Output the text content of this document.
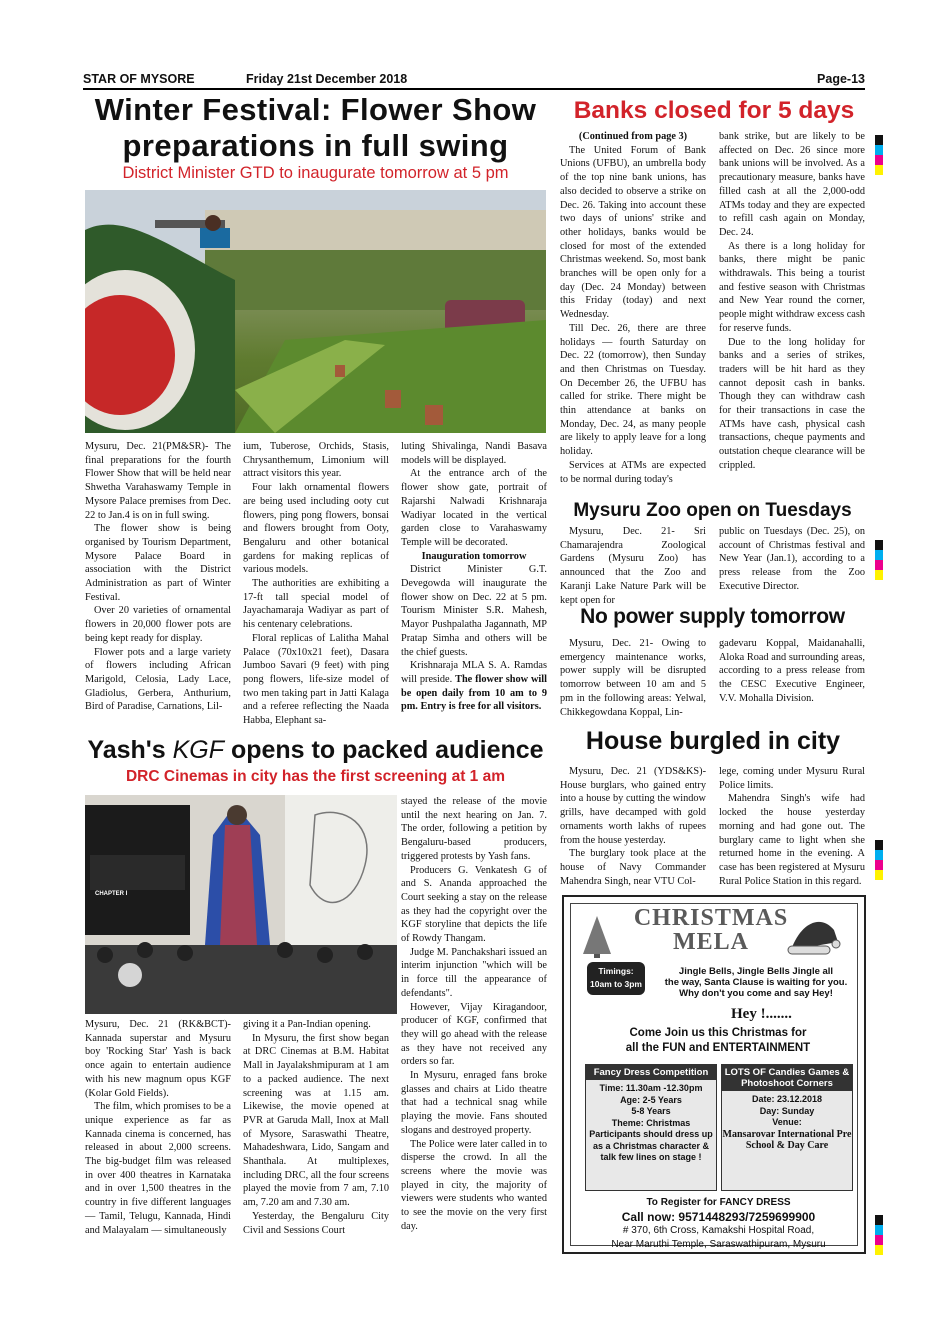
STAR OF MYSORE	Friday 21st December 2018	Page-13
Winter Festival: Flower Show
preparations in full swing
District Minister GTD to inaugurate tomorrow at 5 pm

Mysuru, Dec. 21(PM&SR)- The final preparations for the fourth Flower Show that will be held near Shwetha Varahaswamy Temple in Mysore Palace premises from Dec. 22 to Jan.4 is on in full swing.

The flower show is being organised by Tourism Department, Mysore Palace Board in association with the District Administration as part of Winter Festival.

Over 20 varieties of ornamental flowers in 20,000 flower pots are being kept ready for display.

Flower pots and a large variety of flowers including African Marigold, Celosia, Lady Lace, Gladiolus, Gerbera, Anthurium, Bird of Paradise, Carnations, Lil-

ium, Tuberose, Orchids, Stasis, Chrysanthemum, Limonium will attract visitors this year.

Four lakh ornamental flowers are being used including ooty cut flowers, ping pong flowers, bonsai and flowers brought from Ooty, Bengaluru and other botanical gardens for making replicas of various models.

The authorities are exhibiting a 17-ft tall special model of Jayachamaraja Wadiyar as part of his centenary celebrations.

Floral replicas of Lalitha Mahal Palace (70x10x21 feet), Dasara Jumboo Savari (9 feet) with ping pong flowers, life-size model of two men taking part in Jatti Kalaga and a referee reflecting the Naada Habba, Elephant sa-

luting Shivalinga, Nandi Basava models will be displayed.

At the entrance arch of the flower show gate, portrait of Rajarshi Nalwadi Krishnaraja Wadiyar located in the vertical garden close to Varahaswamy Temple will be decorated.

Inauguration tomorrow

District Minister G.T. Devegowda will inaugurate the flower show on Dec. 22 at 5 pm. Tourism Minister S.R. Mahesh, Mayor Pushpalatha Jagannath, MP Pratap Simha and others will be the chief guests.

Krishnaraja MLA S. A. Ramdas will preside. The flower show will be open daily from 10 am to 9 pm. Entry is free for all visitors.

Banks closed for 5 days

(Continued from page 3)

The United Forum of Bank Unions (UFBU), an umbrella body of the top nine bank unions, has also decided to observe a strike on Dec. 26. Taking into account these two days of unions' strike and other holidays, banks would be closed for most of the extended Christmas weekend. So, most bank branches will be open only for a day (Dec. 24 Monday) between this Friday (today) and next Wednesday.

Till Dec. 26, there are three holidays — fourth Saturday on Dec. 22 (tomorrow), then Sunday and then Christmas on Tuesday. On December 26, the UFBU has called for strike. There might be thin attendance at banks on Monday, Dec. 24, as many people are likely to apply leave for a long holiday.

Services at ATMs are expected to be normal during today's

bank strike, but are likely to be affected on Dec. 26 since more bank unions will be involved. As a precautionary measure, banks have filled cash at all the 2,000-odd ATMs today and they are expected to refill cash again on Monday, Dec. 24.

As there is a long holiday for banks, there might be panic withdrawals. This being a tourist and festive season with Christmas and New Year round the corner, people might withdraw excess cash for reserve funds.

Due to the long holiday for banks and a series of strikes, traders will be hit hard as they cannot deposit cash in banks. Though they can withdraw cash for their transactions in case the ATMs have cash, physical cash transactions, cheque payments and outstation cheque clearance will be crippled.

Mysuru Zoo open on Tuesdays

Mysuru, Dec. 21- Sri Chamarajendra Zoological Gardens (Mysuru Zoo) has announced that the Zoo and Karanji Lake Nature Park will be kept open for

public on Tuesdays (Dec. 25), on account of Christmas festival and New Year (Jan.1), according to a press release from the Zoo Executive Director.

No power supply tomorrow

Mysuru, Dec. 21- Owing to emergency maintenance works, power supply will be disrupted tomorrow between 10 am and 5 pm in the following areas: Yelwal, Chikkegowdana Koppal, Lin-

gadevaru Koppal, Maidanahalli, Aloka Road and surrounding areas, according to a press release from the CESC Executive Engineer, V.V. Mohalla Division.

House burgled in city

Mysuru, Dec. 21 (YDS&KS)- House burglars, who gained entry into a house by cutting the window grills, have decamped with gold ornaments worth lakhs of rupees from the house yesterday.

The burglary took place at the house of Navy Commander Mahendra Singh, near VTU Col-

lege, coming under Mysuru Rural Police limits.

Mahendra Singh's wife had locked the house yesterday morning and had gone out. The burglary came to light when she returned home in the evening. A case has been registered at Mysuru Rural Police Station in this regard.

Yash's KGF opens to packed audience
DRC Cinemas in city has the first screening at 1 am
CHAPTER I

stayed the release of the movie until the next hearing on Jan. 7. The order, following a petition by Bengaluru-based producers, triggered protests by Yash fans.

Producers G. Venkatesh G of and S. Ananda approached the Court seeking a stay on the release as they had the copyright over the KGF storyline that depicts the life of Rowdy Thangam.

Judge M. Panchakshari issued an interim injunction "which will be in force till the appearance of defendants".

However, Vijay Kiragandoor, producer of KGF, confirmed that they will go ahead with the release as they have not received any orders so far.

In Mysuru, enraged fans broke glasses and chairs at Lido theatre that had a technical snag while playing the movie. Fans shouted slogans and destroyed property.

The Police were later called in to disperse the crowd. In all the screens where the movie was played in city, the majority of viewers were students who wanted to see the movie on the very first day.

Mysuru, Dec. 21 (RK&BCT)- Kannada superstar and Mysuru boy 'Rocking Star' Yash is back once again to entertain audience with his new magnum opus KGF (Kolar Gold Fields).

The film, which promises to be a unique experience as far as Kannada cinema is concerned, has released in about 2,000 screens. The big-budget film was released in over 400 theatres in Karnataka and in over 1,500 theatres in the country in five different languages — Tamil, Telugu, Kannada, Hindi and Malayalam — simultaneously

giving it a Pan-Indian opening.

In Mysuru, the first show began at DRC Cinemas at B.M. Habitat Mall in Jayalakshmipuram at 1 am to a packed audience. The next screening was at 1.15 am. Likewise, the movie opened at PVR at Garuda Mall, Inox at Mall of Mysore, Saraswathi Theatre, Mahadeshwara, Lido, Sangam and Shanthala. At multiplexes, including DRC, all the four screens played the movie from 7 am, 7.10 am, 7.20 am and 7.30 am.

Yesterday, the Bengaluru City Civil and Sessions Court

CHRISTMAS
MELA
Timings:
10am to 3pm
Jingle Bells, Jingle Bells Jingle all
the way, Santa Clause is waiting for you.
Why don't you come and say Hey!
Hey !.......
Come Join us this Christmas for
all the FUN and ENTERTAINMENT
Fancy Dress Competition
Time: 11.30am -12.30pm
Age: 2-5 Years
5-8 Years
Theme: Christmas
Participants should dress up as a Christmas character & talk few lines on stage !
LOTS OF Candies Games & Photoshoot Corners
Date: 23.12.2018
Day: Sunday
Venue:
Mansarovar International Pre School & Day Care
To Register for FANCY DRESS
Call now: 9571448293/7259699900
# 370, 6th Cross, Kamakshi Hospital Road,
Near Maruthi Temple, Saraswathipuram, Mysuru
